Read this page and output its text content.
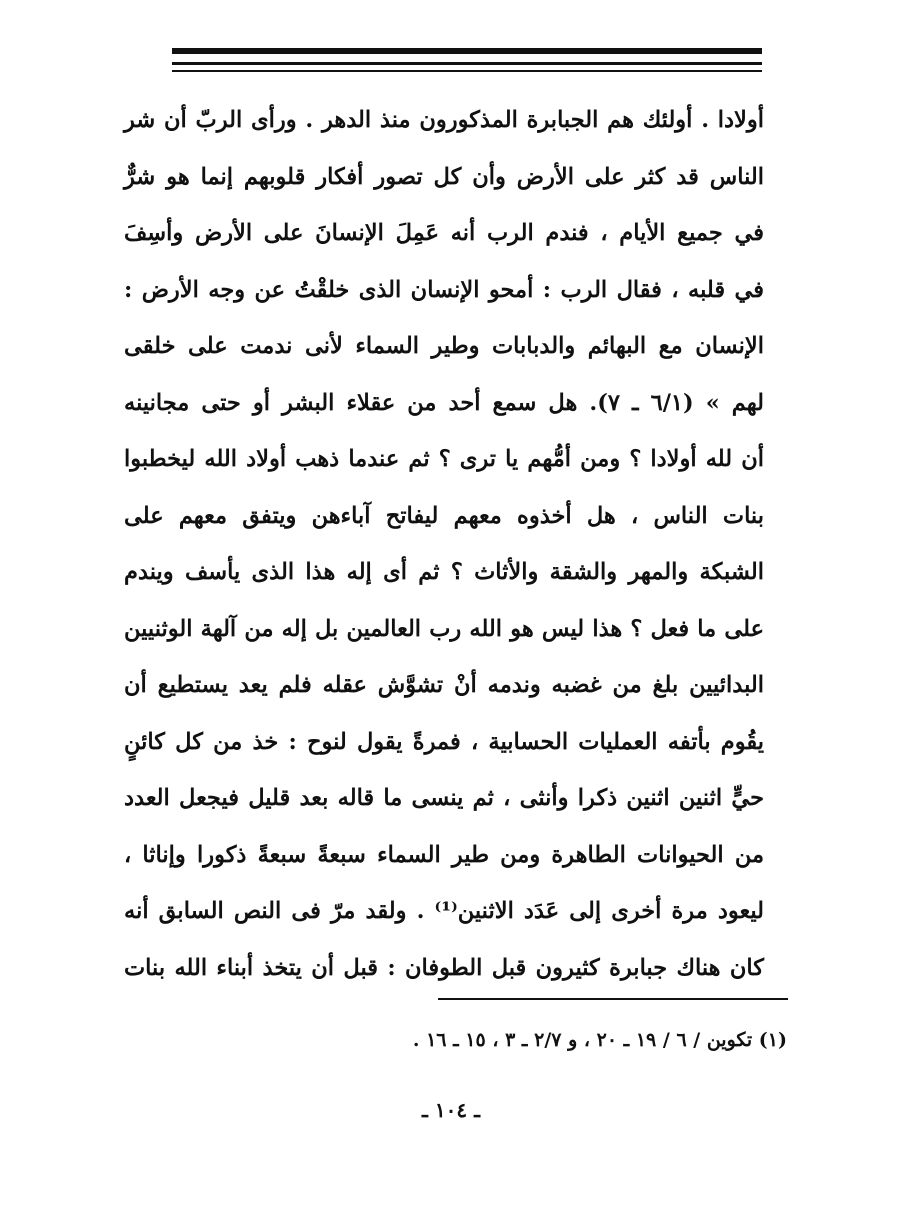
أولادا . أولئك هم الجبابرة المذكورون منذ الدهر . ورأى الربّ أن شر
الناس قد كثر على الأرض وأن كل تصور أفكار قلوبهم إنما هو شرٌّ
في جميع الأيام ، فندم الرب أنه عَمِلَ الإنسانَ على الأرض وأسِفَ
في قلبه ، فقال الرب : أمحو الإنسان الذى خلقْتُ عن وجه الأرض :
الإنسان مع البهائم والدبابات وطير السماء لأنى ندمت على خلقى
لهم » (٦/١ ـ ٧). هل سمع أحد من عقلاء البشر أو حتى مجانينه
أن لله أولادا ؟ ومن أمُّهم يا ترى ؟ ثم عندما ذهب أولاد الله ليخطبوا
بنات الناس ، هل أخذوه معهم ليفاتح آباءهن ويتفق معهم على
الشبكة والمهر والشقة والأثاث ؟ ثم أى إله هذا الذى يأسف ويندم
على ما فعل ؟ هذا ليس هو الله رب العالمين بل إله من آلهة الوثنيين
البدائيين بلغ من غضبه وندمه أنْ تشوَّش عقله فلم يعد يستطيع أن
يقُوم بأتفه العمليات الحسابية ، فمرةً يقول لنوح : خذ من كل كائنٍ
حيٍّ اثنين اثنين ذكرا وأنثى ، ثم ينسى ما قاله بعد قليل فيجعل العدد
من الحيوانات الطاهرة ومن طير السماء سبعةً سبعةً ذكورا وإناثا ،
ليعود مرة أخرى إلى عَدَد الاثنين⁽¹⁾ . ولقد مرّ فى النص السابق أنه
كان هناك جبابرة كثيرون قبل الطوفان : قبل أن يتخذ أبناء الله بنات
(١) تكوين / ٦ / ١٩ ـ ٢٠ ، و ٢/٧ ـ ٣ ، ١٥ ـ ١٦ .
ـ ١٠٤ ـ
